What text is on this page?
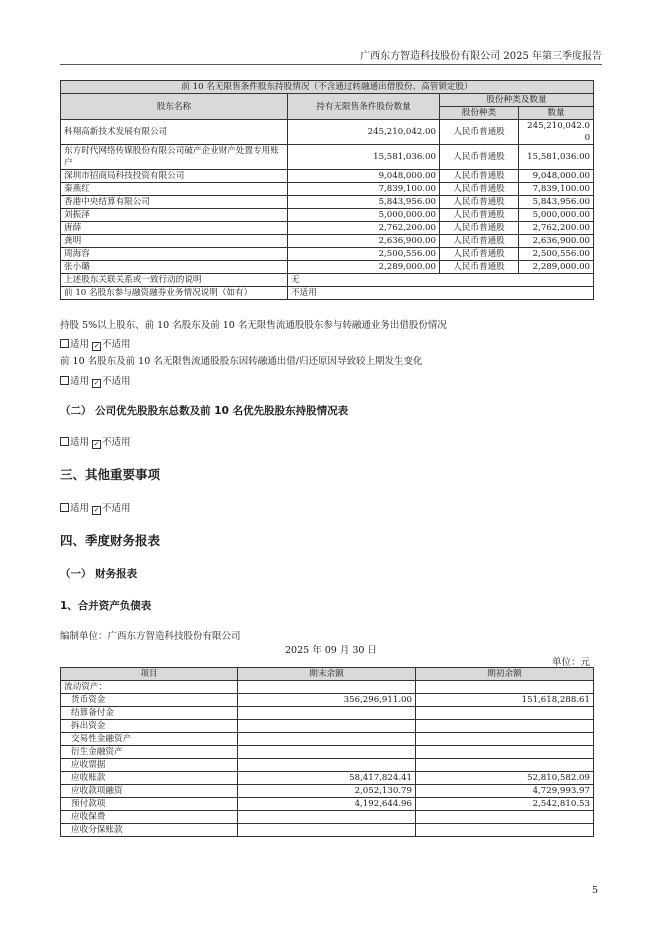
广西东方智造科技股份有限公司 2025 年第三季度报告
前 10 名无限售条件股东持股情况（不含通过转融通出借股份、高管锁定股）			
股东名称	持有无限售条件股份数量	股份种类及数量	
		股份种类	数量
科翔高新技术发展有限公司	245,210,042.00	人民币普通股	245,210,042.00
东方时代网络传媒股份有限公司破产企业财产处置专用账户	15,581,036.00	人民币普通股	15,581,036.00
深圳市招商局科技投资有限公司	9,048,000.00	人民币普通股	9,048,000.00
秦燕红	7,839,100.00	人民币普通股	7,839,100.00
香港中央结算有限公司	5,843,956.00	人民币普通股	5,843,956.00
刘振泽	5,000,000.00	人民币普通股	5,000,000.00
唐薛	2,762,200.00	人民币普通股	2,762,200.00
龚明	2,636,900.00	人民币普通股	2,636,900.00
周海容	2,500,556.00	人民币普通股	2,500,556.00
张小璐	2,289,000.00	人民币普通股	2,289,000.00
上述股东关联关系或一致行动的说明	无		
前 10 名股东参与融资融券业务情况说明（如有）	不适用		
持股 5%以上股东、前 10 名股东及前 10 名无限售流通股股东参与转融通业务出借股份情况
适用 ✓ 不适用
前 10 名股东及前 10 名无限售流通股股东因转融通出借/归还原因导致较上期发生变化
适用 ✓ 不适用
（二） 公司优先股股东总数及前 10 名优先股股东持股情况表
适用 ✓ 不适用
三、其他重要事项
适用 ✓ 不适用
四、季度财务报表
（一） 财务报表
1、合并资产负债表
编制单位：广西东方智造科技股份有限公司
2025 年 09 月 30 日
单位：元
项目	期末余额	期初余额
流动资产：		
货币资金	356,296,911.00	151,618,288.61
结算备付金		
拆出资金		
交易性金融资产		
衍生金融资产		
应收票据		
应收账款	58,417,824.41	52,810,582.09
应收款项融资	2,052,130.79	4,729,993.97
预付款项	4,192,644.96	2,542,810.53
应收保费		
应收分保账款		
5
